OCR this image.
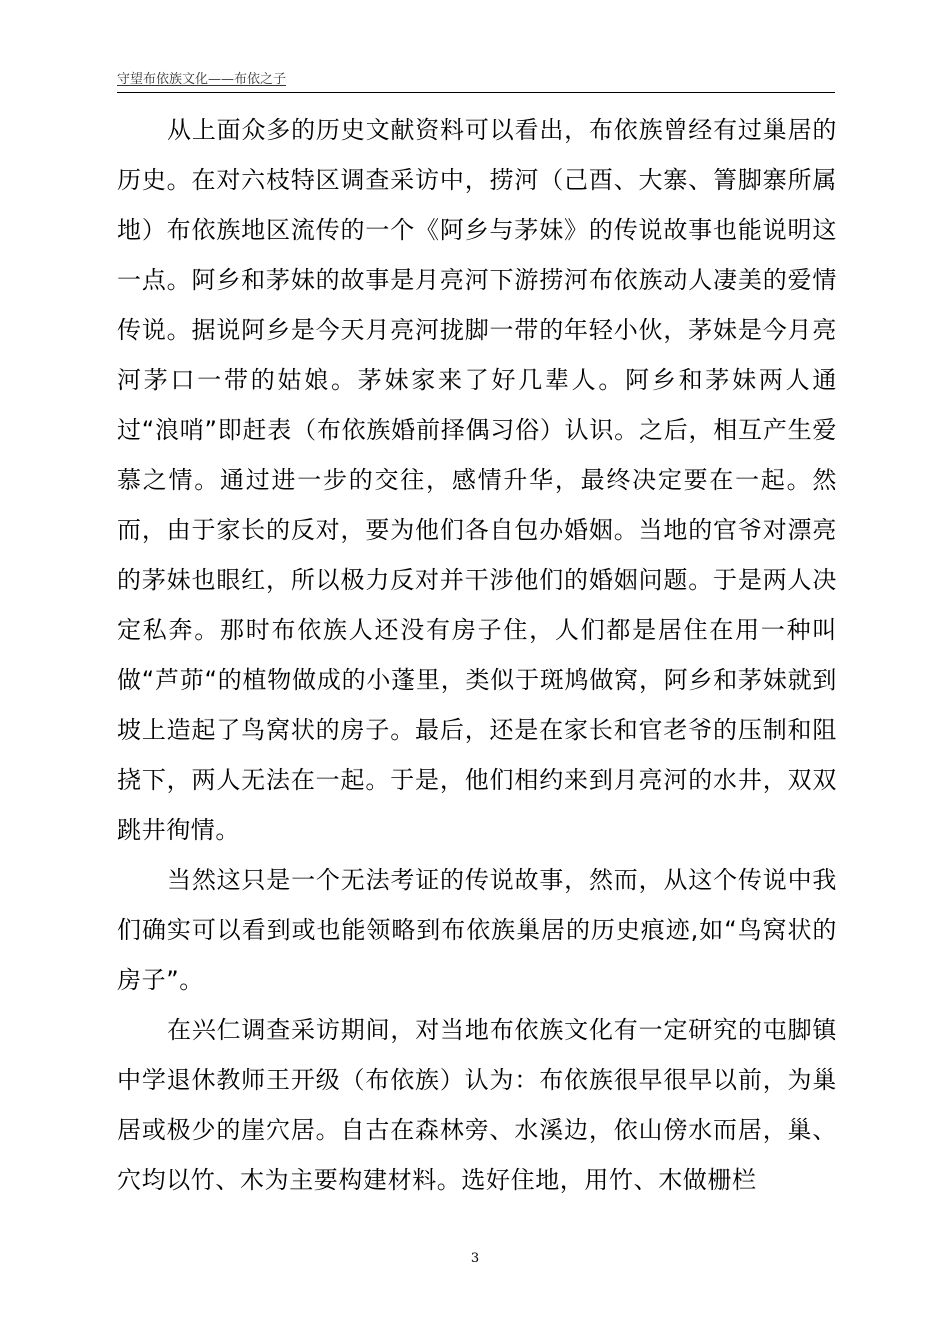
守望布依族文化——布依之子

从上面众多的历史文献资料可以看出，布依族曾经有过巢居的历史。在对六枝特区调查采访中，捞河（己酉、大寨、箐脚寨所属地）布依族地区流传的一个《阿乡与茅妹》的传说故事也能说明这一点。阿乡和茅妹的故事是月亮河下游捞河布依族动人凄美的爱情传说。据说阿乡是今天月亮河拢脚一带的年轻小伙，茅妹是今月亮河茅口一带的姑娘。茅妹家来了好几辈人。阿乡和茅妹两人通过“浪哨”即赶表（布依族婚前择偶习俗）认识。之后，相互产生爱慕之情。通过进一步的交往，感情升华，最终决定要在一起。然而，由于家长的反对，要为他们各自包办婚姻。当地的官爷对漂亮的茅妹也眼红，所以极力反对并干涉他们的婚姻问题。于是两人决定私奔。那时布依族人还没有房子住，人们都是居住在用一种叫做“芦茆“的植物做成的小蓬里，类似于斑鸠做窝，阿乡和茅妹就到坡上造起了鸟窝状的房子。最后，还是在家长和官老爷的压制和阻挠下，两人无法在一起。于是，他们相约来到月亮河的水井，双双跳井徇情。

当然这只是一个无法考证的传说故事，然而，从这个传说中我们确实可以看到或也能领略到布依族巢居的历史痕迹,如“鸟窝状的房子”。

在兴仁调查采访期间，对当地布依族文化有一定研究的屯脚镇中学退休教师王开级（布依族）认为：布依族很早很早以前，为巢居或极少的崖穴居。自古在森林旁、水溪边，依山傍水而居，巢、穴均以竹、木为主要构建材料。选好住地，用竹、木做栅栏

3
